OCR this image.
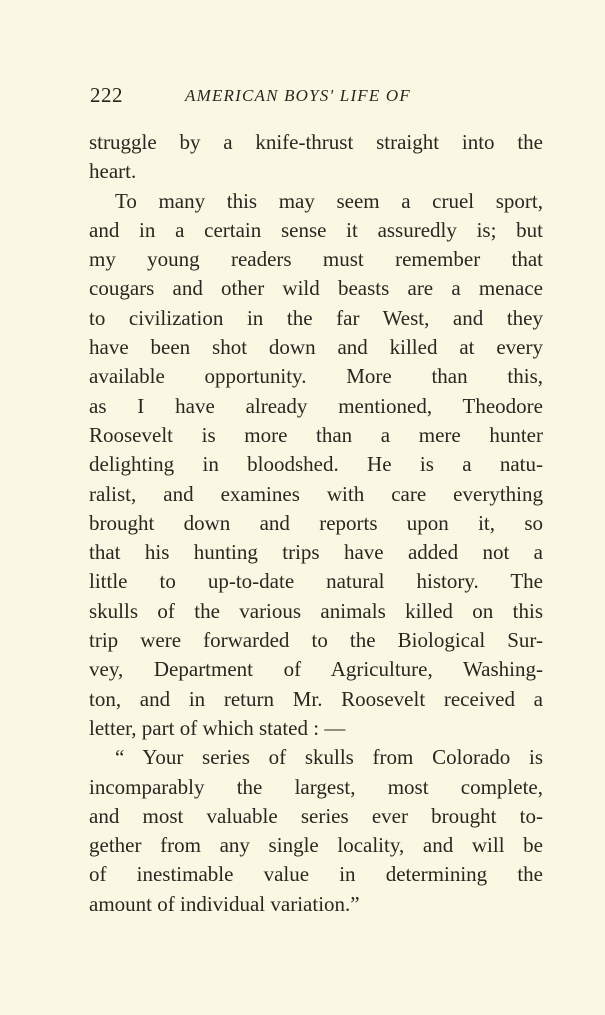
222	AMERICAN BOYS' LIFE OF
struggle by a knife-thrust straight into the
heart.
To many this may seem a cruel sport,
and in a certain sense it assuredly is; but
my young readers must remember that
cougars and other wild beasts are a menace
to civilization in the far West, and they
have been shot down and killed at every
available opportunity. More than this,
as I have already mentioned, Theodore
Roosevelt is more than a mere hunter
delighting in bloodshed. He is a natu-
ralist, and examines with care everything
brought down and reports upon it, so
that his hunting trips have added not a
little to up-to-date natural history. The
skulls of the various animals killed on this
trip were forwarded to the Biological Sur-
vey, Department of Agriculture, Washing-
ton, and in return Mr. Roosevelt received a
letter, part of which stated : —
“ Your series of skulls from Colorado is
incomparably the largest, most complete,
and most valuable series ever brought to-
gether from any single locality, and will be
of inestimable value in determining the
amount of individual variation.”
